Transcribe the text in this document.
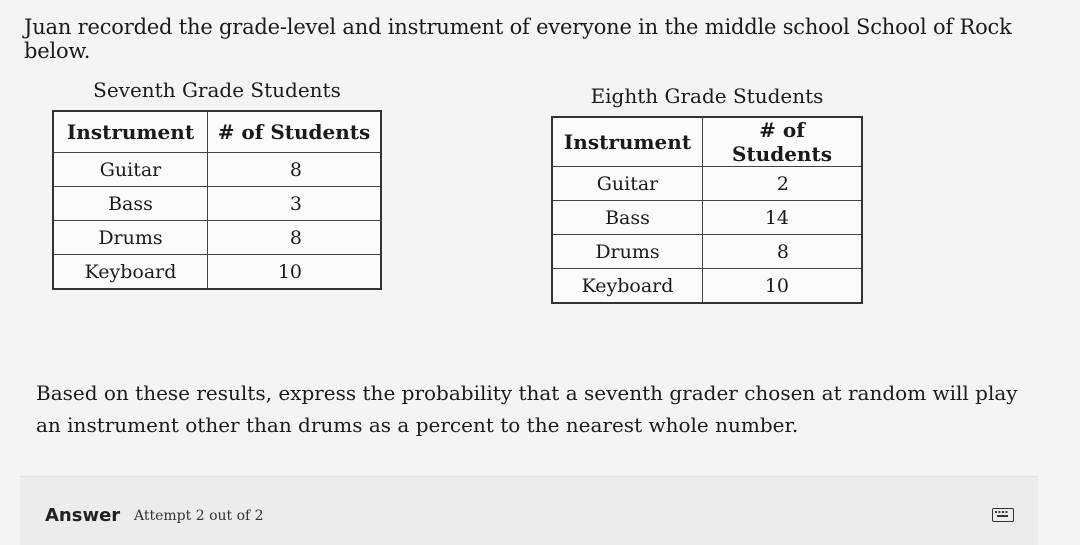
Juan recorded the grade-level and instrument of everyone in the middle school School of Rock below.
Seventh Grade Students
Instrument	# of Students
Guitar	8
Bass	3
Drums	8
Keyboard	10
Eighth Grade Students
Instrument	# of Students
Guitar	2
Bass	14
Drums	8
Keyboard	10
Based on these results, express the probability that a seventh grader chosen at random will play an instrument other than drums as a percent to the nearest whole number.
Answer Attempt 2 out of 2
